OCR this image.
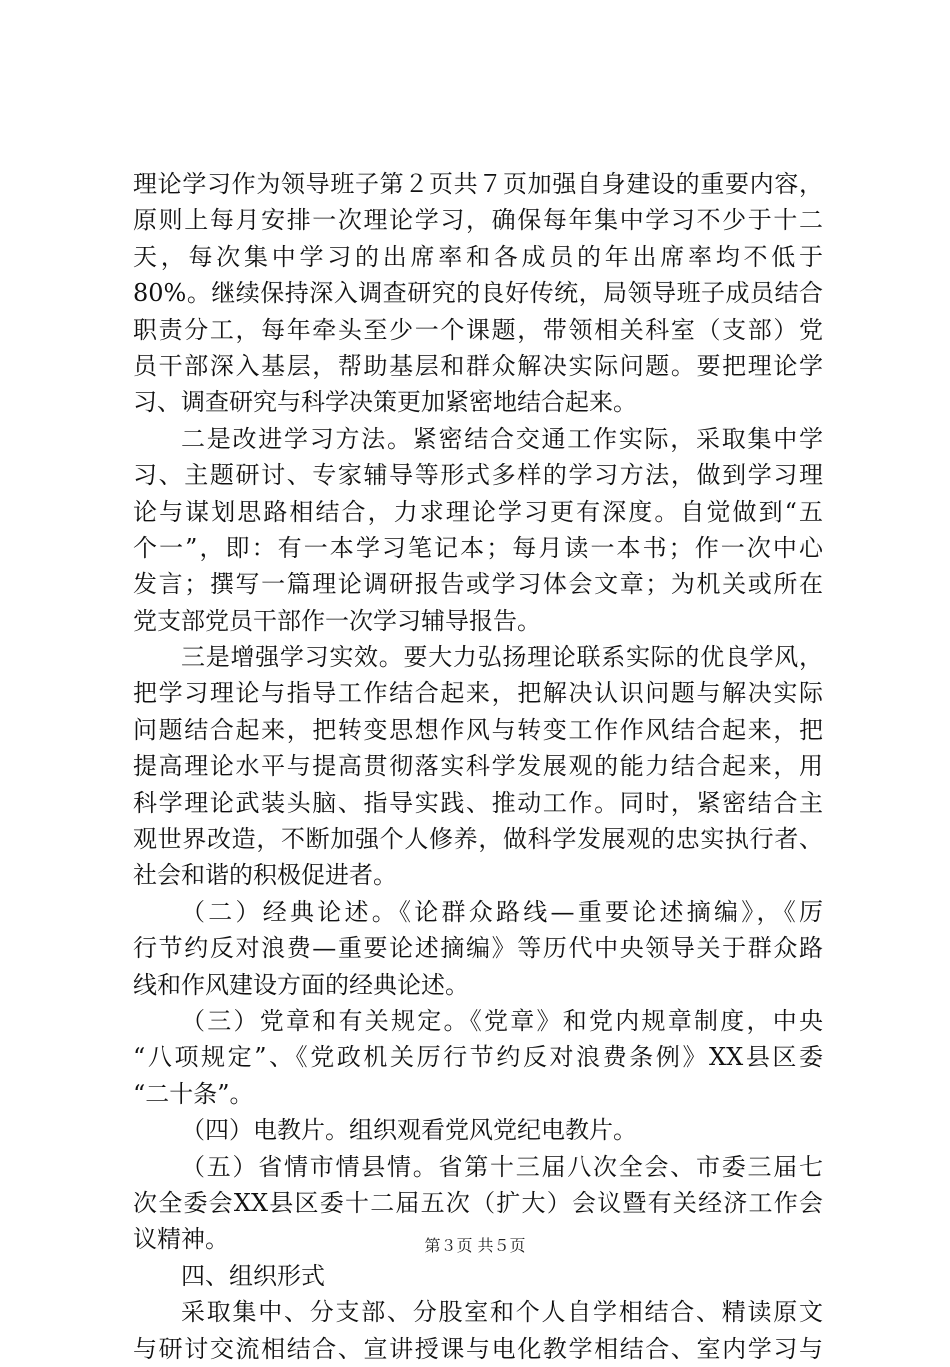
理论学习作为领导班子第２页共７页加强自身建设的重要内容，
原则上每月安排一次理论学习，确保每年集中学习不少于十二
天，每次集中学习的出席率和各成员的年出席率均不低于
80%。继续保持深入调查研究的良好传统，局领导班子成员结合
职责分工，每年牵头至少一个课题，带领相关科室（支部）党
员干部深入基层，帮助基层和群众解决实际问题。要把理论学
习、调查研究与科学决策更加紧密地结合起来。
二是改进学习方法。紧密结合交通工作实际，采取集中学
习、主题研讨、专家辅导等形式多样的学习方法，做到学习理
论与谋划思路相结合，力求理论学习更有深度。自觉做到“五
个一”，即：有一本学习笔记本；每月读一本书；作一次中心
发言；撰写一篇理论调研报告或学习体会文章；为机关或所在
党支部党员干部作一次学习辅导报告。
三是增强学习实效。要大力弘扬理论联系实际的优良学风，
把学习理论与指导工作结合起来，把解决认识问题与解决实际
问题结合起来，把转变思想作风与转变工作作风结合起来，把
提高理论水平与提高贯彻落实科学发展观的能力结合起来，用
科学理论武装头脑、指导实践、推动工作。同时，紧密结合主
观世界改造，不断加强个人修养，做科学发展观的忠实执行者、
社会和谐的积极促进者。
（二）经典论述。《论群众路线—重要论述摘编》，《厉
行节约反对浪费—重要论述摘编》等历代中央领导关于群众路
线和作风建设方面的经典论述。
（三）党章和有关规定。《党章》和党内规章制度，中央
“八项规定”、《党政机关厉行节约反对浪费条例》XX县区委
“二十条”。
（四）电教片。组织观看党风党纪电教片。
（五）省情市情县情。省第十三届八次全会、市委三届七
次全委会XX县区委十二届五次（扩大）会议暨有关经济工作会
议精神。
四、组织形式
采取集中、分支部、分股室和个人自学相结合、精读原文
与研讨交流相结合、宣讲授课与电化教学相结合、室内学习与
第３页 共５页
